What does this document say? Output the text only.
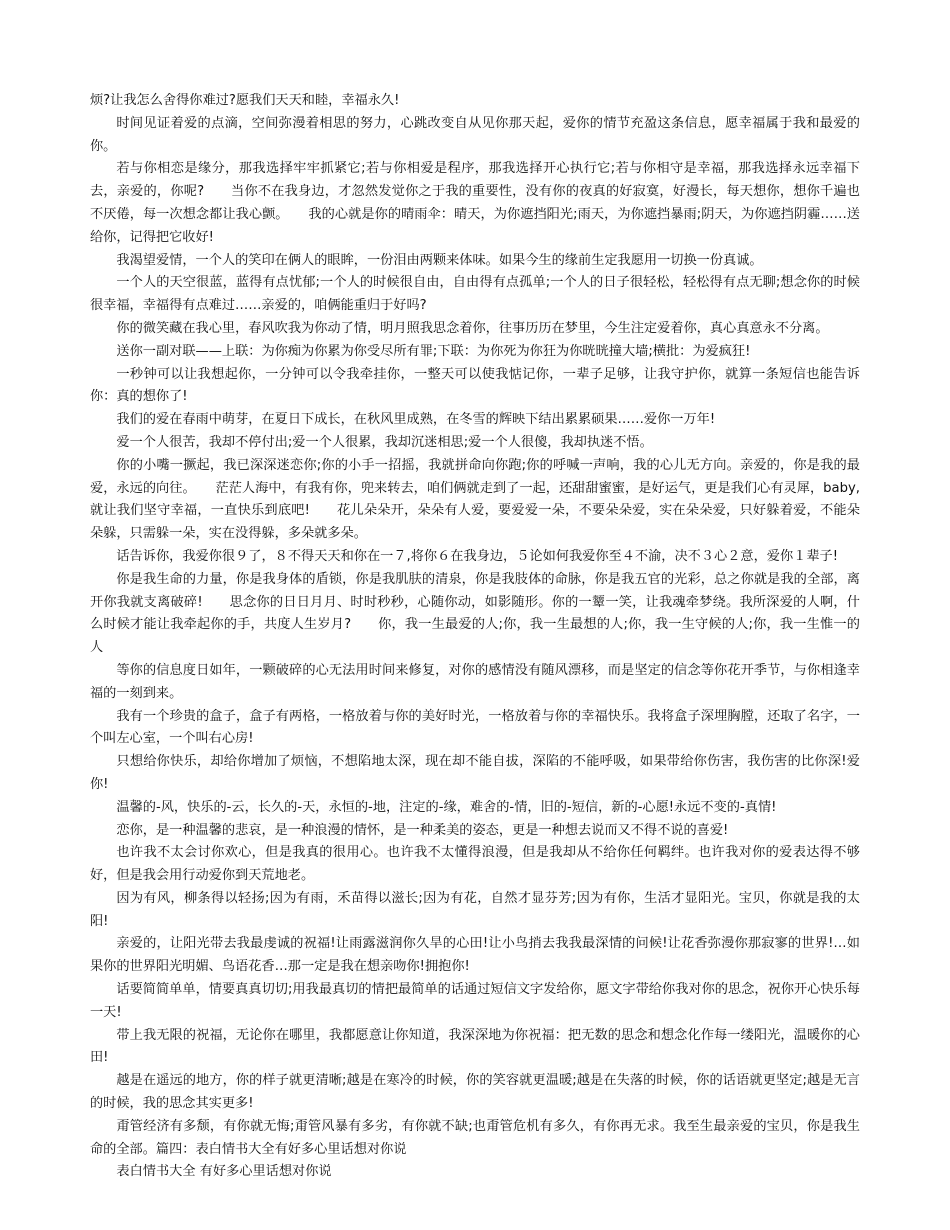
烦?让我怎么舍得你难过?愿我们天天和睦，幸福永久!

时间见证着爱的点滴，空间弥漫着相思的努力，心跳改变自从见你那天起，爱你的情节充盈这条信息，愿幸福属于我和最爱的你。

若与你相恋是缘分，那我选择牢牢抓紧它;若与你相爱是程序，那我选择开心执行它;若与你相守是幸福，那我选择永远幸福下去，亲爱的，你呢?　　当你不在我身边，才忽然发觉你之于我的重要性，没有你的夜真的好寂寞，好漫长，每天想你，想你千遍也不厌倦，每一次想念都让我心颤。　　我的心就是你的晴雨伞：晴天，为你遮挡阳光;雨天，为你遮挡暴雨;阴天，为你遮挡阴霾……送给你，记得把它收好!

我渴望爱情，一个人的笑印在俩人的眼眸，一份泪由两颗来体味。如果今生的缘前生定我愿用一切换一份真诚。

一个人的天空很蓝，蓝得有点忧郁;一个人的时候很自由，自由得有点孤单;一个人的日子很轻松，轻松得有点无聊;想念你的时候很幸福，幸福得有点难过……亲爱的，咱俩能重归于好吗?

你的微笑藏在我心里，春风吹我为你动了情，明月照我思念着你，往事历历在梦里，今生注定爱着你，真心真意永不分离。

送你一副对联——上联：为你痴为你累为你受尽所有罪;下联：为你死为你狂为你晄晄撞大墙;横批：为爱疯狂!

一秒钟可以让我想起你，一分钟可以令我牵挂你，一整天可以使我惦记你，一辈子足够，让我守护你，就算一条短信也能告诉你：真的想你了!

我们的爱在春雨中萌芽，在夏日下成长，在秋风里成熟，在冬雪的辉映下结出累累硕果……爱你一万年!

爱一个人很苦，我却不停付出;爱一个人很累，我却沉迷相思;爱一个人很傻，我却执迷不悟。

你的小嘴一撅起，我已深深迷恋你;你的小手一招摇，我就拼命向你跑;你的呼喊一声响，我的心儿无方向。亲爱的，你是我的最爱，永远的向往。　　茫茫人海中，有我有你，兜来转去，咱们俩就走到了一起，还甜甜蜜蜜，是好运气，更是我们心有灵犀，baby,就让我们坚守幸福，一直快乐到底吧!　　花儿朵朵开，朵朵有人爱，要爱爱一朵，不要朵朵爱，实在朵朵爱，只好躲着爱，不能朵朵躲，只需躲一朵，实在没得躲，多朵就多朵。

话告诉你，我爱你很９了，８不得天天和你在一７,将你６在我身边，５论如何我爱你至４不渝，决不３心２意，爱你１辈子!

你是我生命的力量，你是我身体的盾锁，你是我肌肤的清泉，你是我肢体的命脉，你是我五官的光彩，总之你就是我的全部，离开你我就支离破碎!　　思念你的日日月月、时时秒秒，心随你动，如影随形。你的一颦一笑，让我魂牵梦绕。我所深爱的人啊，什么时候才能让我牵起你的手，共度人生岁月?　　你，我一生最爱的人;你，我一生最想的人;你，我一生守候的人;你，我一生惟一的人

等你的信息度日如年，一颗破碎的心无法用时间来修复，对你的感情没有随风漂移，而是坚定的信念等你花开季节，与你相逢幸福的一刻到来。

我有一个珍贵的盒子，盒子有两格，一格放着与你的美好时光，一格放着与你的幸福快乐。我将盒子深埋胸膛，还取了名字，一个叫左心室，一个叫右心房!

只想给你快乐，却给你增加了烦恼，不想陷地太深，现在却不能自拔，深陷的不能呼吸，如果带给你伤害，我伤害的比你深!爱你!

温馨的-风，快乐的-云，长久的-天，永恒的-地，注定的-缘，难舍的-情，旧的-短信，新的-心愿!永远不变的-真情!

恋你，是一种温馨的悲哀，是一种浪漫的情怀，是一种柔美的姿态，更是一种想去说而又不得不说的喜爱!

也许我不太会讨你欢心，但是我真的很用心。也许我不太懂得浪漫，但是我却从不给你任何羁绊。也许我对你的爱表达得不够好，但是我会用行动爱你到天荒地老。

因为有风，柳条得以轻扬;因为有雨，禾苗得以滋长;因为有花，自然才显芬芳;因为有你，生活才显阳光。宝贝，你就是我的太阳!

亲爱的，让阳光带去我最虔诚的祝福!让雨露滋润你久旱的心田!让小鸟捎去我我最深情的问候!让花香弥漫你那寂寥的世界!…如果你的世界阳光明媚、鸟语花香…那一定是我在想亲吻你!拥抱你!

话要简简单单，情要真真切切;用我最真切的情把最简单的话通过短信文字发给你，愿文字带给你我对你的思念，祝你开心快乐每一天!

带上我无限的祝福，无论你在哪里，我都愿意让你知道，我深深地为你祝福：把无数的思念和想念化作每一缕阳光，温暖你的心田!

越是在遥远的地方，你的样子就更清晰;越是在寒冷的时候，你的笑容就更温暖;越是在失落的时候，你的话语就更坚定;越是无言的时候，我的思念其实更多!

甭管经济有多颓，有你就无悔;甭管风暴有多劣，有你就不缺;也甭管危机有多久，有你再无求。我至生最亲爱的宝贝，你是我生命的全部。篇四：表白情书大全有好多心里话想对你说

表白情书大全 有好多心里话想对你说
